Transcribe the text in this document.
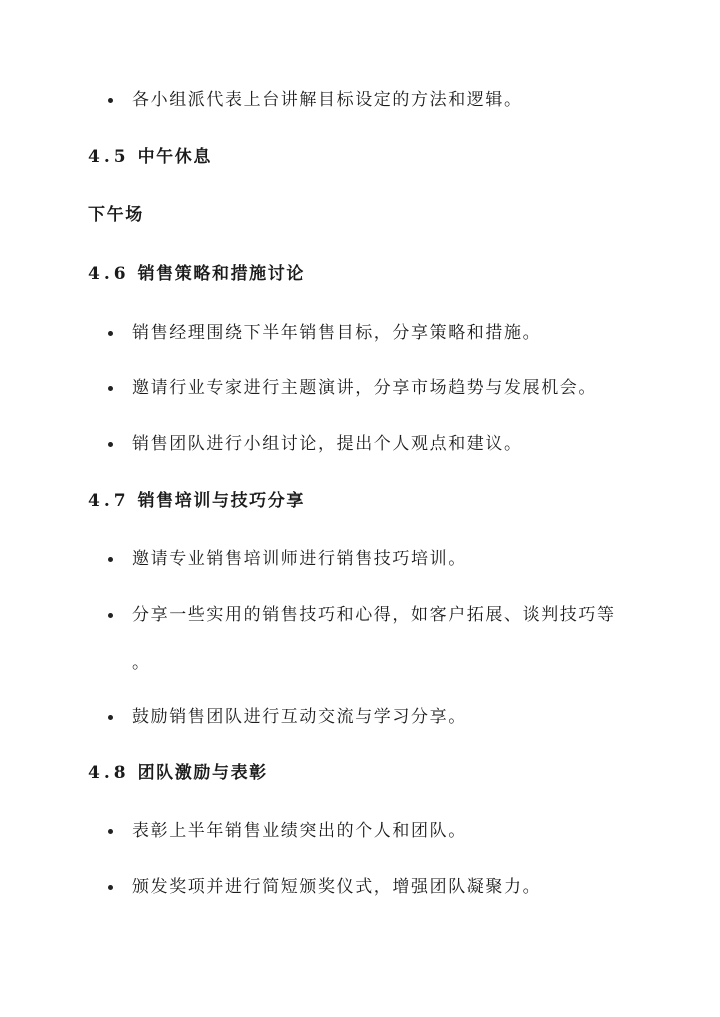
各小组派代表上台讲解目标设定的方法和逻辑。
4.5 中午休息
下午场
4.6 销售策略和措施讨论
销售经理围绕下半年销售目标，分享策略和措施。
邀请行业专家进行主题演讲，分享市场趋势与发展机会。
销售团队进行小组讨论，提出个人观点和建议。
4.7 销售培训与技巧分享
邀请专业销售培训师进行销售技巧培训。
分享一些实用的销售技巧和心得，如客户拓展、谈判技巧等
。
鼓励销售团队进行互动交流与学习分享。
4.8 团队激励与表彰
表彰上半年销售业绩突出的个人和团队。
颁发奖项并进行简短颁奖仪式，增强团队凝聚力。
